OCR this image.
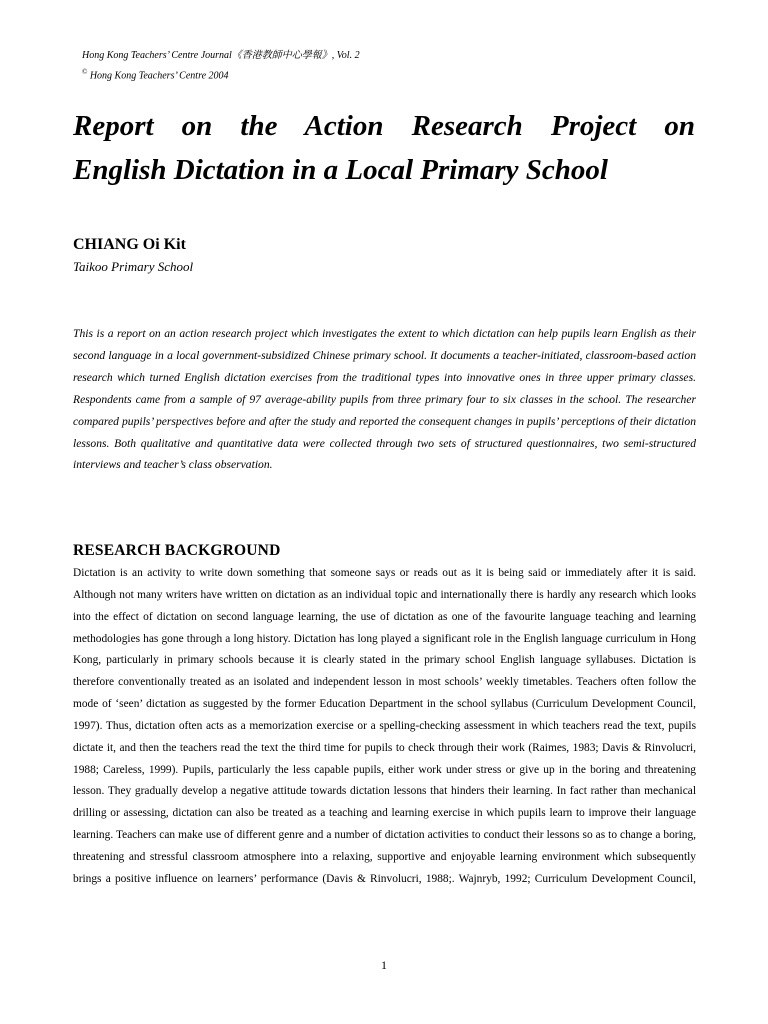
Hong Kong Teachers’ Centre Journal《香港教師中心學報》, Vol. 2
© Hong Kong Teachers’ Centre 2004
Report on the Action Research Project on
English Dictation in a Local Primary School

CHIANG Oi Kit

Taikoo Primary School

This is a report on an action research project which investigates the extent to which dictation can help pupils learn English as their second language in a local government-subsidized Chinese primary school. It documents a teacher-initiated, classroom-based action research which turned English dictation exercises from the traditional types into innovative ones in three upper primary classes. Respondents came from a sample of 97 average-ability pupils from three primary four to six classes in the school. The researcher compared pupils’ perspectives before and after the study and reported the consequent changes in pupils’ perceptions of their dictation lessons. Both qualitative and quantitative data were collected through two sets of structured questionnaires, two semi-structured interviews and teacher’s class observation.

RESEARCH BACKGROUND

Dictation is an activity to write down something that someone says or reads out as it is being said or immediately after it is said. Although not many writers have written on dictation as an individual topic and internationally there is hardly any research which looks into the effect of dictation on second language learning, the use of dictation as one of the favourite language teaching and learning methodologies has gone through a long history. Dictation has long played a significant role in the English language curriculum in Hong Kong, particularly in primary schools because it is clearly stated in the primary school English language syllabuses. Dictation is therefore conventionally treated as an isolated and independent lesson in most schools’ weekly timetables. Teachers often follow the mode of ‘seen’ dictation as suggested by the former Education Department in the school syllabus (Curriculum Development Council, 1997). Thus, dictation often acts as a memorization exercise or a spelling-checking assessment in which teachers read the text, pupils dictate it, and then the teachers read the text the third time for pupils to check through their work (Raimes, 1983; Davis & Rinvolucri, 1988; Careless, 1999). Pupils, particularly the less capable pupils, either work under stress or give up in the boring and threatening lesson. They gradually develop a negative attitude towards dictation lessons that hinders their learning. In fact rather than mechanical drilling or assessing, dictation can also be treated as a teaching and learning exercise in which pupils learn to improve their language learning. Teachers can make use of different genre and a number of dictation activities to conduct their lessons so as to change a boring, threatening and stressful classroom atmosphere into a relaxing, supportive and enjoyable learning environment which subsequently brings a positive influence on learners’ performance (Davis & Rinvolucri, 1988;. Wajnryb, 1992; Curriculum Development Council,

1
